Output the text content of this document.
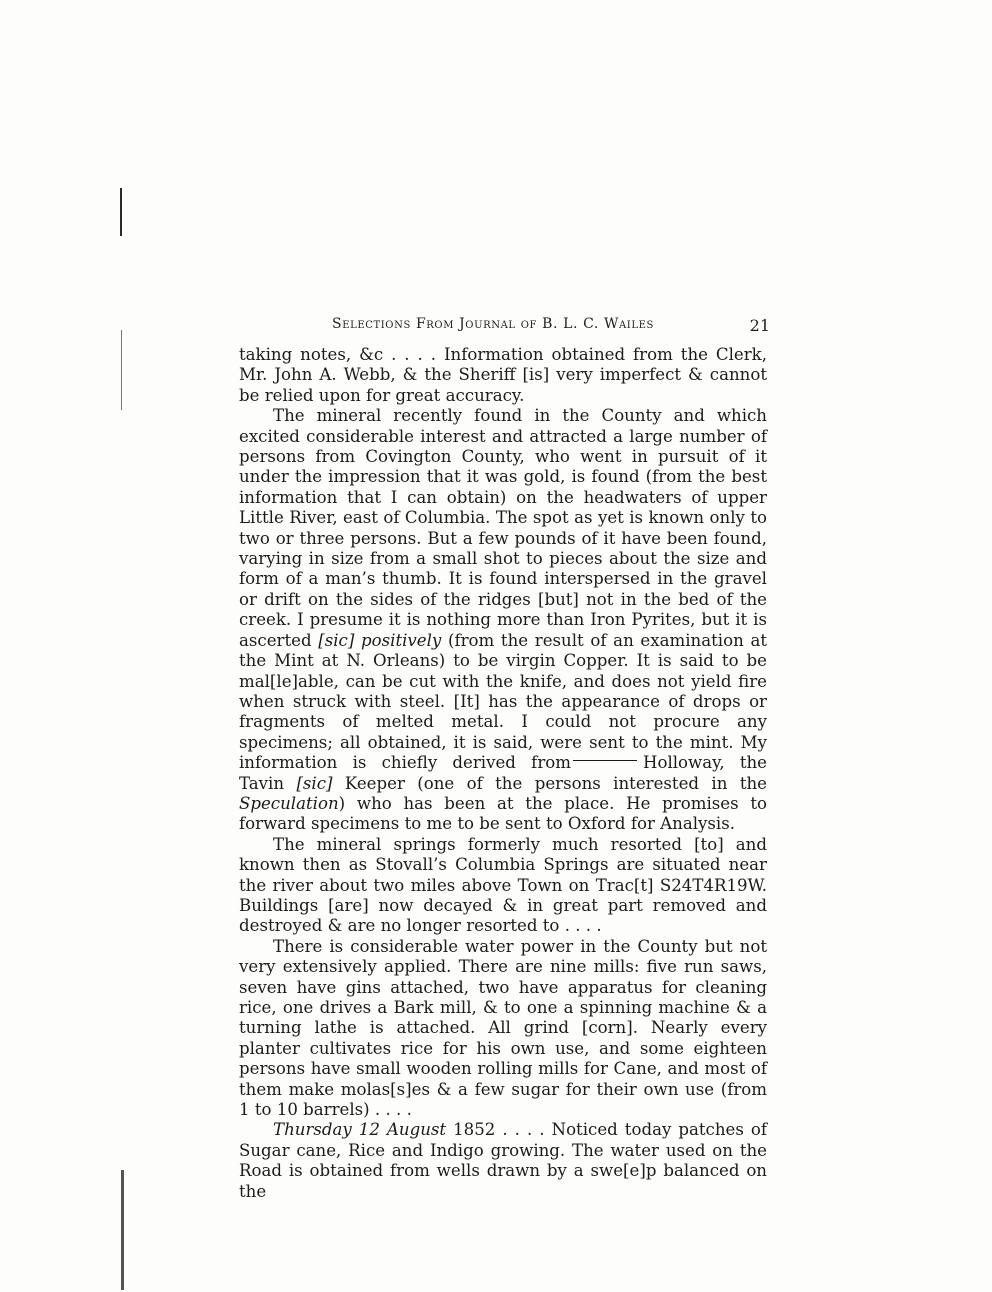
Selections From Journal of B. L. C. Wailes	21

taking notes, &c . . . . Information obtained from the Clerk, Mr. John A. Webb, & the Sheriff [is] very imperfect & cannot be relied upon for great accuracy.

The mineral recently found in the County and which excited considerable interest and attracted a large number of persons from Covington County, who went in pursuit of it under the impression that it was gold, is found (from the best information that I can obtain) on the headwaters of upper Little River, east of Columbia. The spot as yet is known only to two or three persons. But a few pounds of it have been found, varying in size from a small shot to pieces about the size and form of a man’s thumb. It is found interspersed in the gravel or drift on the sides of the ridges [but] not in the bed of the creek. I presume it is nothing more than Iron Pyrites, but it is ascerted [sic] positively (from the result of an examination at the Mint at N. Orleans) to be virgin Copper. It is said to be mal[le]able, can be cut with the knife, and does not yield fire when struck with steel. [It] has the appearance of drops or fragments of melted metal. I could not procure any specimens; all obtained, it is said, were sent to the mint. My information is chiefly derived from	Holloway, the Tavin [sic] Keeper (one of the persons interested in the Speculation) who has been at the place. He promises to forward specimens to me to be sent to Oxford for Analysis.

The mineral springs formerly much resorted [to] and known then as Stovall’s Columbia Springs are situated near the river about two miles above Town on Trac[t] S24T4R19W. Buildings [are] now decayed & in great part removed and destroyed & are no longer resorted to . . . .

There is considerable water power in the County but not very extensively applied. There are nine mills: five run saws, seven have gins attached, two have apparatus for cleaning rice, one drives a Bark mill, & to one a spinning machine & a turning lathe is attached. All grind [corn]. Nearly every planter cultivates rice for his own use, and some eighteen persons have small wooden rolling mills for Cane, and most of them make molas[s]es & a few sugar for their own use (from 1 to 10 barrels) . . . .

Thursday 12 August 1852 . . . . Noticed today patches of Sugar cane, Rice and Indigo growing. The water used on the Road is obtained from wells drawn by a swe[e]p balanced on the
